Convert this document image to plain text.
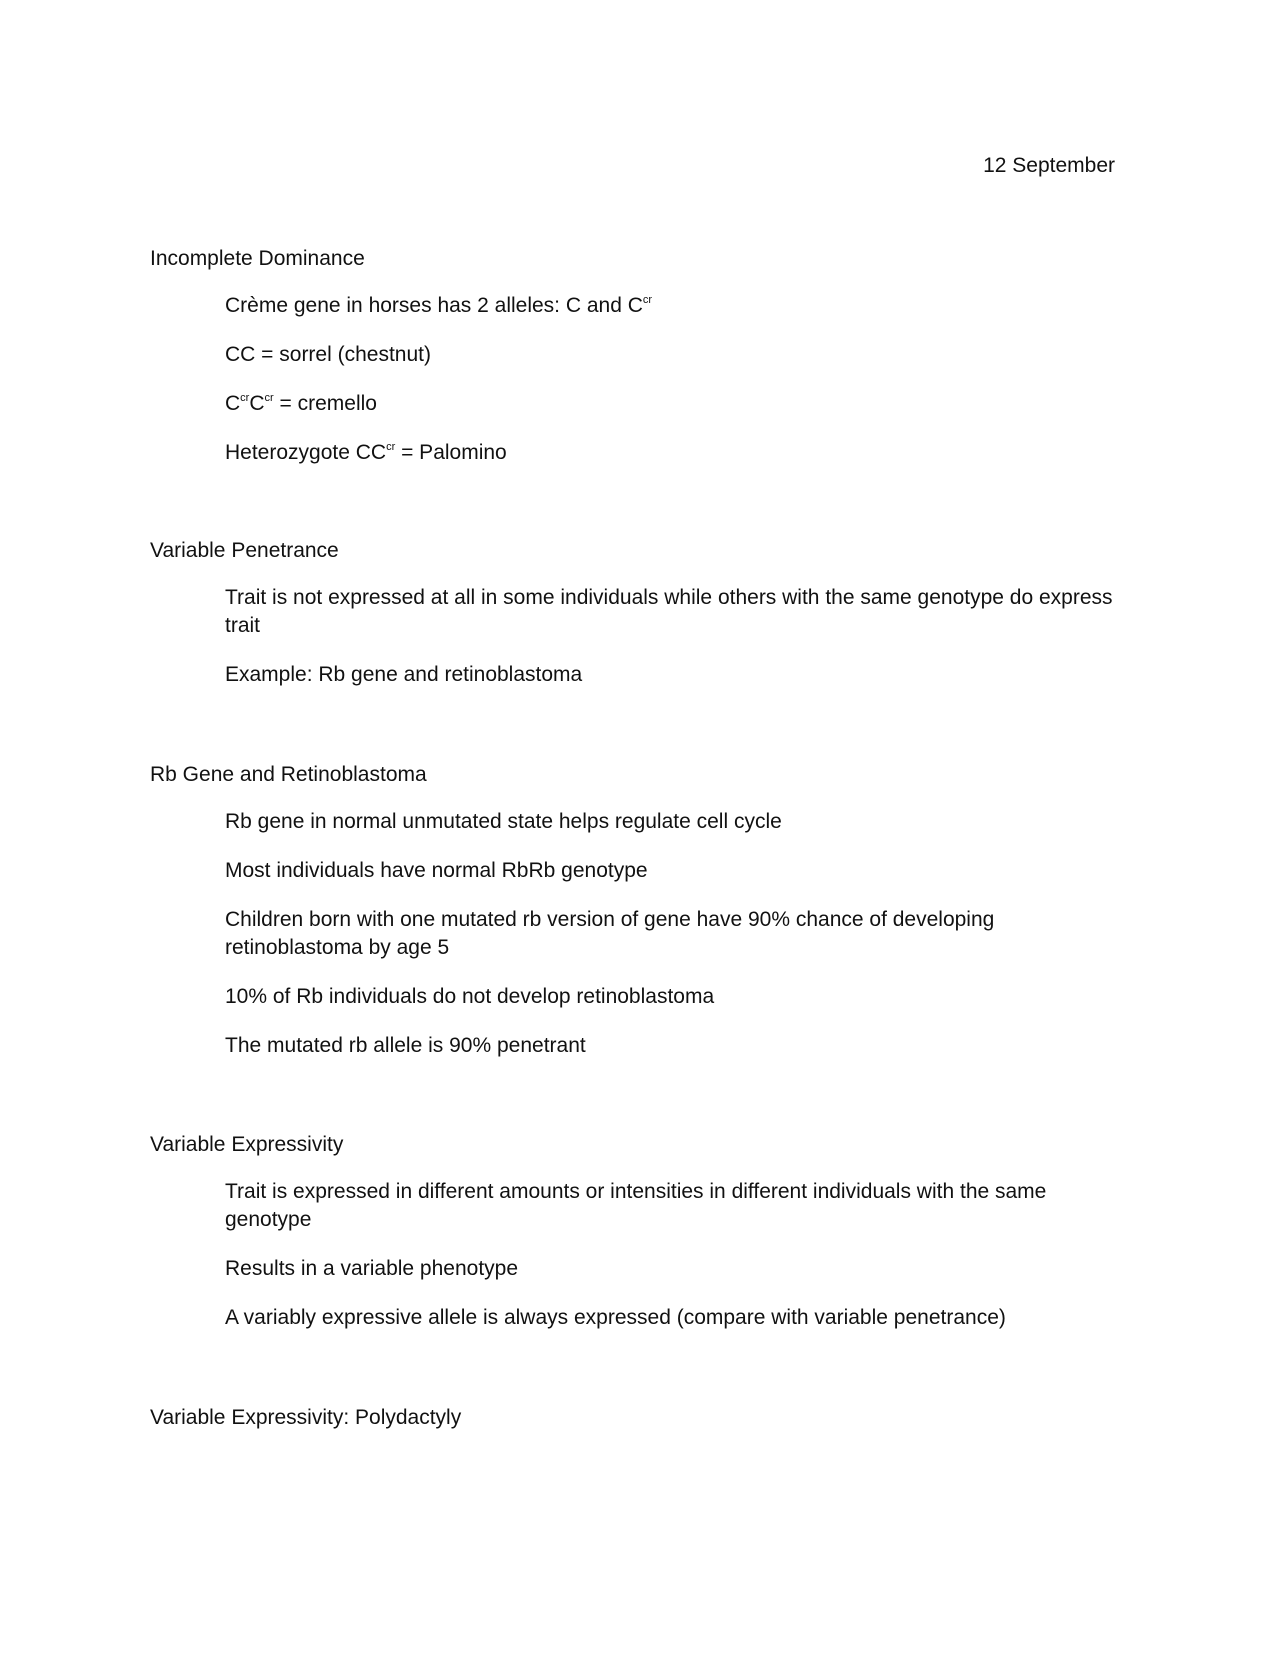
12 September

Incomplete Dominance

Crème gene in horses has 2 alleles: C and $C^{cr}$

CC = sorrel (chestnut)

$C^{cr}C^{cr}$ = cremello

Heterozygote $CC^{cr}$ = Palomino

Variable Penetrance

Trait is not expressed at all in some individuals while others with the same genotype do express trait

Example: Rb gene and retinoblastoma

Rb Gene and Retinoblastoma

Rb gene in normal unmutated state helps regulate cell cycle

Most individuals have normal RbRb genotype

Children born with one mutated rb version of gene have 90% chance of developing retinoblastoma by age 5

10% of Rb individuals do not develop retinoblastoma

The mutated rb allele is 90% penetrant

Variable Expressivity

Trait is expressed in different amounts or intensities in different individuals with the same genotype

Results in a variable phenotype

A variably expressive allele is always expressed (compare with variable penetrance)

Variable Expressivity: Polydactyly
